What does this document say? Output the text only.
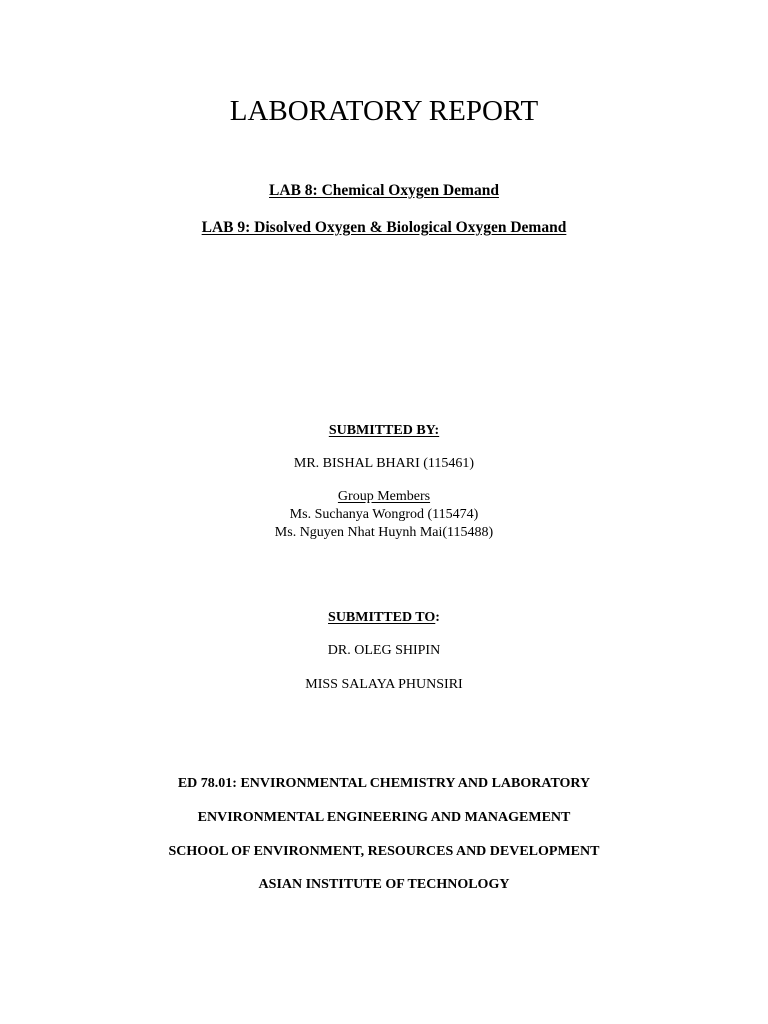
LABORATORY REPORT
LAB 8: Chemical Oxygen Demand
LAB 9: Disolved Oxygen & Biological Oxygen Demand
SUBMITTED BY:
MR. BISHAL BHARI (115461)
Group Members
Ms. Suchanya Wongrod (115474)
Ms. Nguyen Nhat Huynh Mai(115488)
SUBMITTED TO:
DR. OLEG SHIPIN
MISS SALAYA PHUNSIRI
ED 78.01: ENVIRONMENTAL CHEMISTRY AND LABORATORY
ENVIRONMENTAL ENGINEERING AND MANAGEMENT
SCHOOL OF ENVIRONMENT, RESOURCES AND DEVELOPMENT
ASIAN INSTITUTE OF TECHNOLOGY
